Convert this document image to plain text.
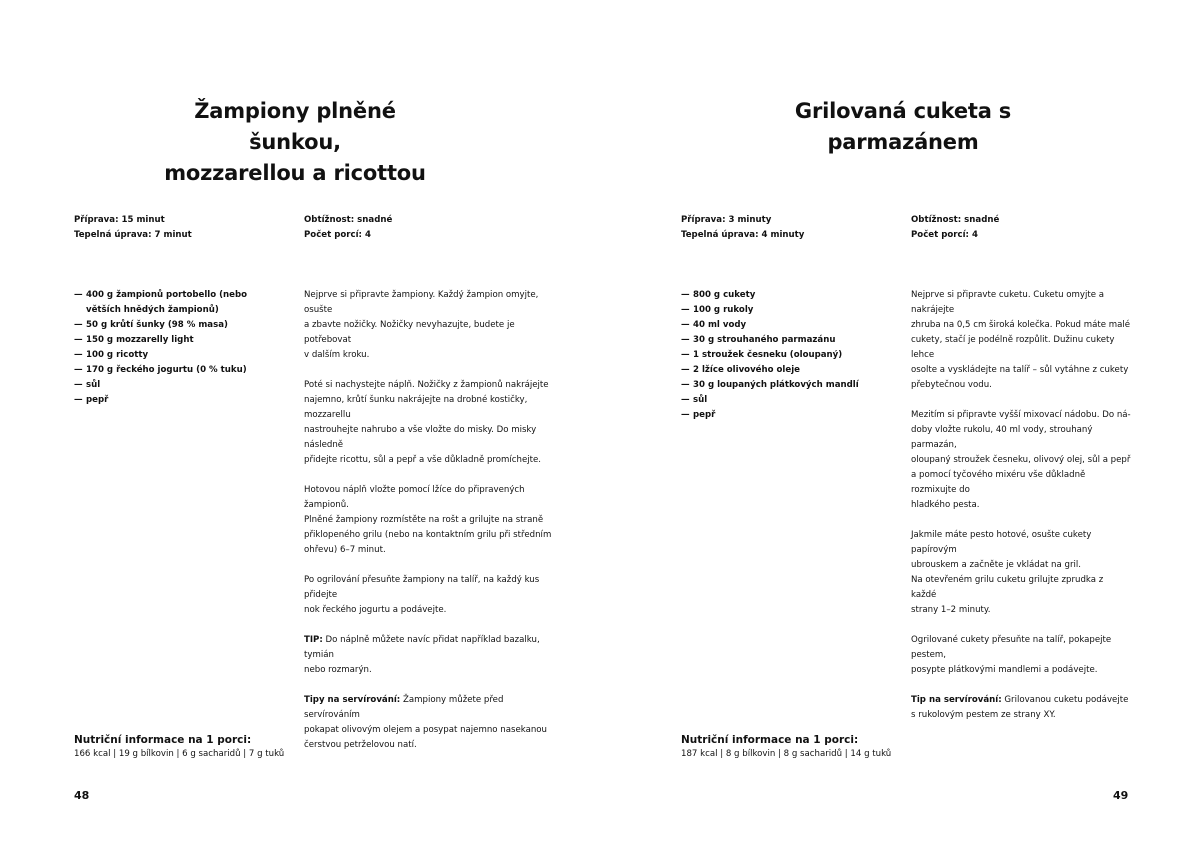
Žampiony plněné šunkou,
mozzarellou a ricottou
Příprava: 15 minut
Tepelná úprava: 7 minut
Obtížnost: snadné
Počet porcí: 4
— 400 g žampionů portobello (nebo větších hnědých žampionů)
— 50 g krůtí šunky (98 % masa)
— 150 g mozzarelly light
— 100 g ricotty
— 170 g řeckého jogurtu (0 % tuku)
— sůl
— pepř

Nejprve si připravte žampiony. Každý žampion omyjte, osušte
a zbavte nožičky. Nožičky nevyhazujte, budete je potřebovat
v dalším kroku.

Poté si nachystejte náplň. Nožičky z žampionů nakrájejte
najemno, krůtí šunku nakrájejte na drobné kostičky, mozzarellu
nastrouhejte nahrubo a vše vložte do misky. Do misky následně
přidejte ricottu, sůl a pepř a vše důkladně promíchejte.

Hotovou náplň vložte pomocí lžíce do připravených žampionů.
Plněné žampiony rozmístěte na rošt a grilujte na straně
přiklopeného grilu (nebo na kontaktním grilu při středním
ohřevu) 6–7 minut.

Po ogrilování přesuňte žampiony na talíř, na každý kus přidejte
nok řeckého jogurtu a podávejte.

TIP: Do náplně můžete navíc přidat například bazalku, tymián
nebo rozmarýn.

Tipy na servírování: Žampiony můžete před servírováním
pokapat olivovým olejem a posypat najemno nasekanou
čerstvou petrželovou natí.

Nutriční informace na 1 porci:
166 kcal | 19 g bílkovin | 6 g sacharidů | 7 g tuků
48
Grilovaná cuketa s parmazánem
Příprava: 3 minuty
Tepelná úprava: 4 minuty
Obtížnost: snadné
Počet porcí: 4
— 800 g cukety
— 100 g rukoly
— 40 ml vody
— 30 g strouhaného parmazánu
— 1 stroužek česneku (oloupaný)
— 2 lžíce olivového oleje
— 30 g loupaných plátkových mandlí
— sůl
— pepř

Nejprve si připravte cuketu. Cuketu omyjte a nakrájejte
zhruba na 0,5 cm široká kolečka. Pokud máte malé
cukety, stačí je podélně rozpůlit. Dužinu cukety lehce
osolte a vyskládejte na talíř – sůl vytáhne z cukety
přebytečnou vodu.

Mezitím si připravte vyšší mixovací nádobu. Do ná-
doby vložte rukolu, 40 ml vody, strouhaný parmazán,
oloupaný stroužek česneku, olivový olej, sůl a pepř
a pomocí tyčového mixéru vše důkladně rozmixujte do
hladkého pesta.

Jakmile máte pesto hotové, osušte cukety papírovým
ubrouskem a začněte je vkládat na gril.
Na otevřeném grilu cuketu grilujte zprudka z každé
strany 1–2 minuty.

Ogrilované cukety přesuňte na talíř, pokapejte pestem,
posypte plátkovými mandlemi a podávejte.

Tip na servírování: Grilovanou cuketu podávejte
s rukolovým pestem ze strany XY.

Nutriční informace na 1 porci:
187 kcal | 8 g bílkovin | 8 g sacharidů | 14 g tuků
49
